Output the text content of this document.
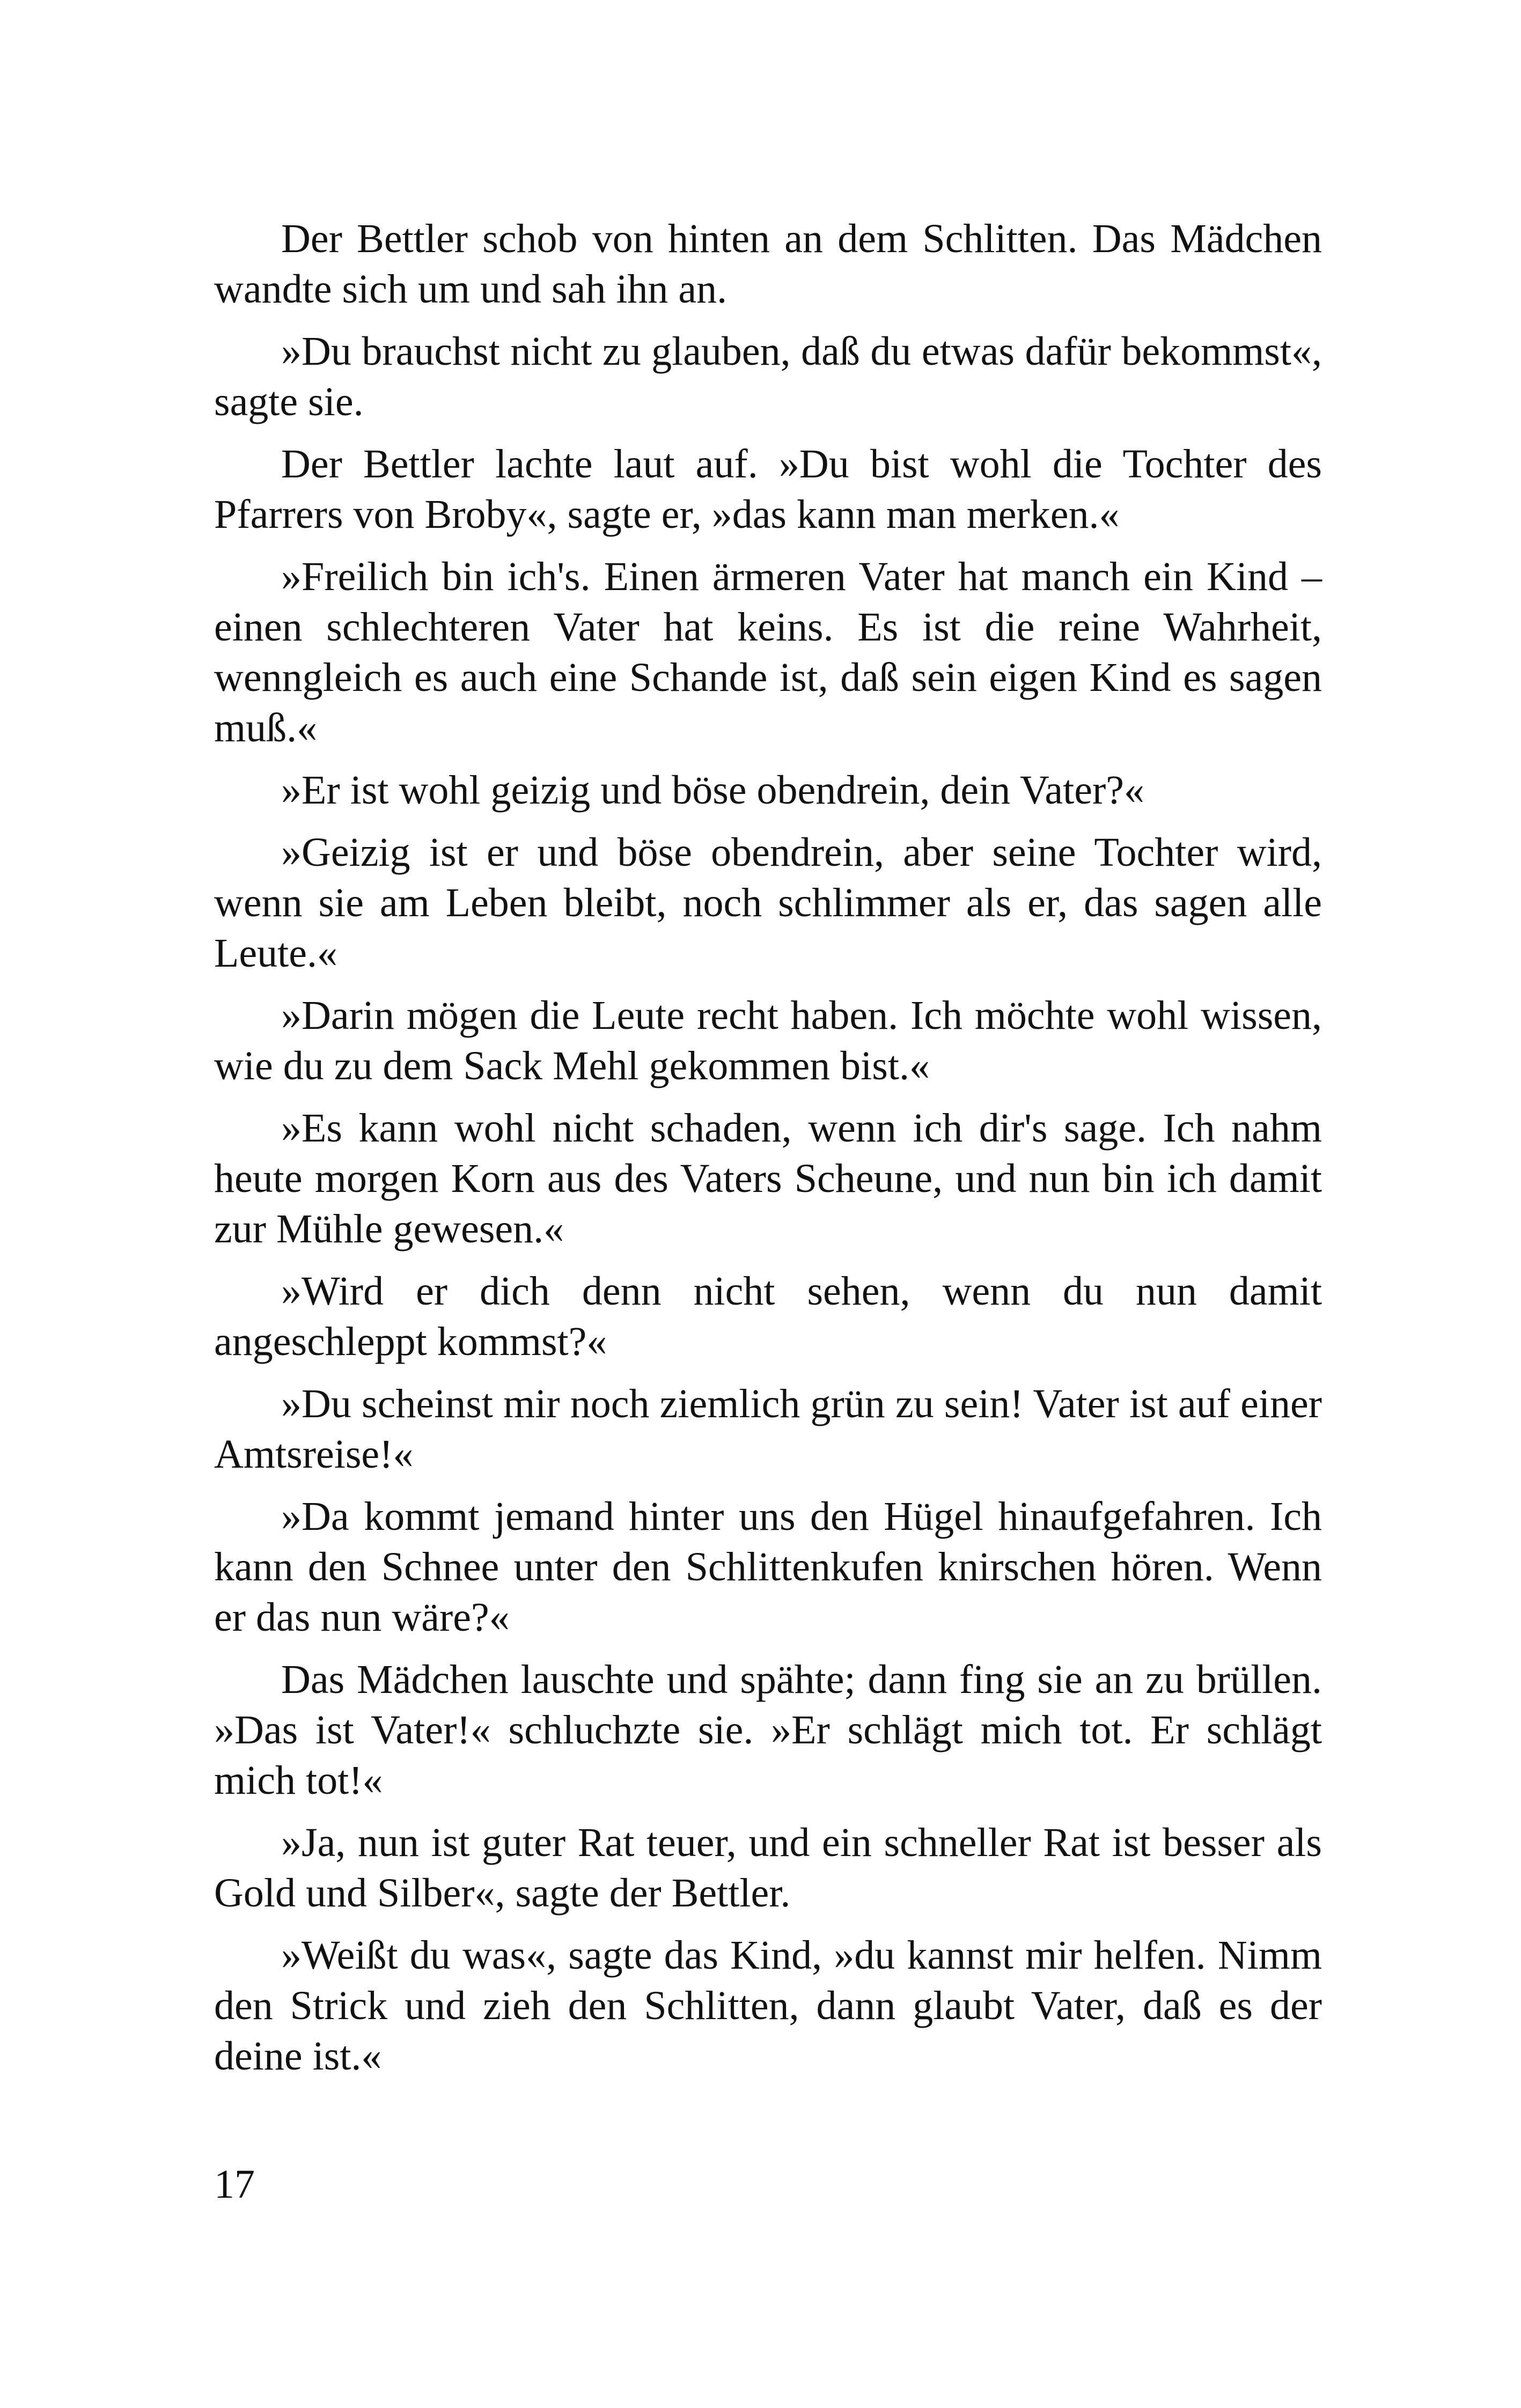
Der Bettler schob von hinten an dem Schlitten. Das Mädchen wandte sich um und sah ihn an.

»Du brauchst nicht zu glauben, daß du etwas dafür bekommst«, sagte sie.

Der Bettler lachte laut auf. »Du bist wohl die Tochter des Pfarrers von Broby«, sagte er, »das kann man merken.«

»Freilich bin ich's. Einen ärmeren Vater hat manch ein Kind – einen schlechteren Vater hat keins. Es ist die reine Wahrheit, wenngleich es auch eine Schande ist, daß sein eigen Kind es sagen muß.«

»Er ist wohl geizig und böse obendrein, dein Vater?«

»Geizig ist er und böse obendrein, aber seine Tochter wird, wenn sie am Leben bleibt, noch schlimmer als er, das sagen alle Leute.«

»Darin mögen die Leute recht haben. Ich möchte wohl wissen, wie du zu dem Sack Mehl gekommen bist.«

»Es kann wohl nicht schaden, wenn ich dir's sage. Ich nahm heute morgen Korn aus des Vaters Scheune, und nun bin ich damit zur Mühle gewesen.«

»Wird er dich denn nicht sehen, wenn du nun damit angeschleppt kommst?«

»Du scheinst mir noch ziemlich grün zu sein! Vater ist auf einer Amtsreise!«

»Da kommt jemand hinter uns den Hügel hinaufgefahren. Ich kann den Schnee unter den Schlittenkufen knirschen hören. Wenn er das nun wäre?«

Das Mädchen lauschte und spähte; dann fing sie an zu brüllen. »Das ist Vater!« schluchzte sie. »Er schlägt mich tot. Er schlägt mich tot!«

»Ja, nun ist guter Rat teuer, und ein schneller Rat ist besser als Gold und Silber«, sagte der Bettler.

»Weißt du was«, sagte das Kind, »du kannst mir helfen. Nimm den Strick und zieh den Schlitten, dann glaubt Vater, daß es der deine ist.«

17
